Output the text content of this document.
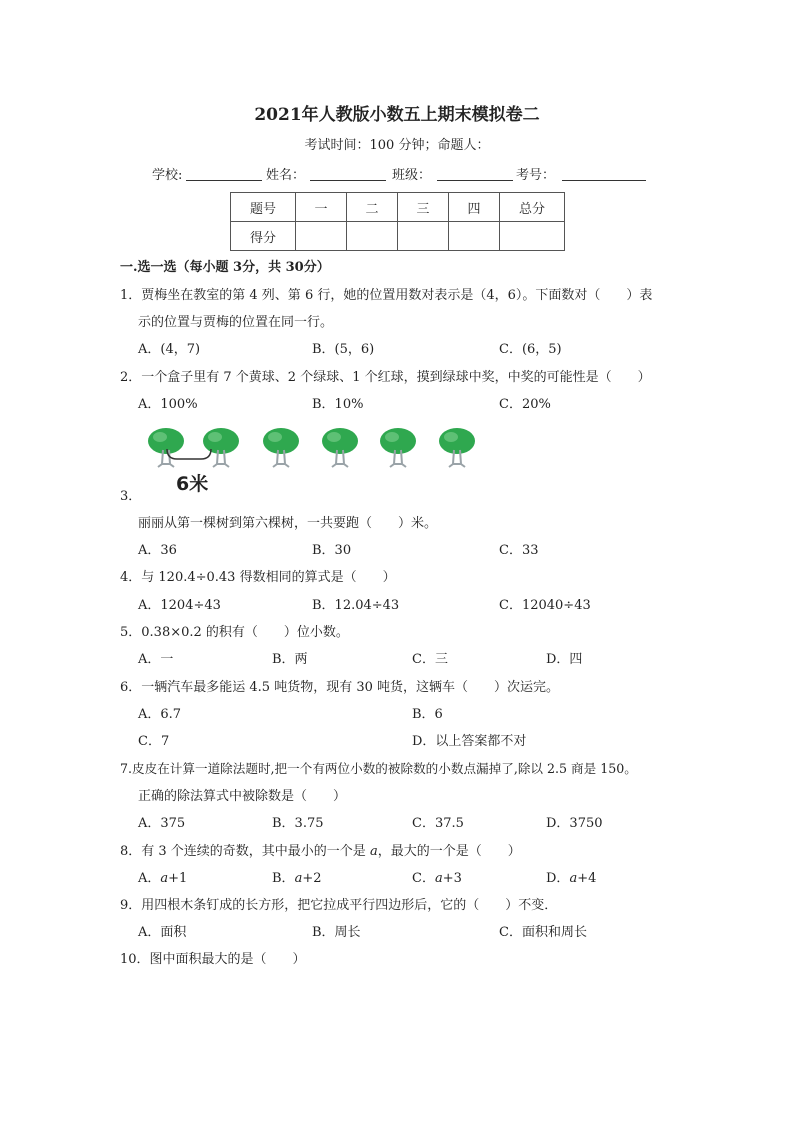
2021年人教版小数五上期末模拟卷二
考试时间：100 分钟；命题人：
学校:	姓名：	班级：	考号：
题号	一	二	三	四	总分
得分					
一.选一选（每小题 3分，共 30分）
1．贾梅坐在教室的第 4 列、第 6 行，她的位置用数对表示是（4，6）。下面数对（　　）表
示的位置与贾梅的位置在同一行。
A．(4，7)	B．(5，6)	C．(6，5)
2．一个盒子里有 7 个黄球、2 个绿球、1 个红球，摸到绿球中奖，中奖的可能性是（　　）
A．100%	B．10%	C．20%
6米
3．
丽丽从第一棵树到第六棵树，一共要跑（　　）米。
A．36	B．30	C．33
4．与 120.4÷0.43 得数相同的算式是（　　）
A．1204÷43	B．12.04÷43	C．12040÷43
5．0.38×0.2 的积有（　　）位小数。
A．一	B．两	C．三	D．四
6．一辆汽车最多能运 4.5 吨货物，现有 30 吨货，这辆车（　　）次运完。
A．6.7	B．6
C．7	D．以上答案都不对
7.皮皮在计算一道除法题时,把一个有两位小数的被除数的小数点漏掉了,除以 2.5 商是 150。
正确的除法算式中被除数是（　　）
A．375	B．3.75	C．37.5	D．3750
8．有 3 个连续的奇数，其中最小的一个是 a，最大的一个是（　　）
A．a+1	B．a+2	C．a+3	D．a+4
9．用四根木条钉成的长方形，把它拉成平行四边形后，它的（　　）不变．
A．面积	B．周长	C．面积和周长
10．图中面积最大的是（　　）
